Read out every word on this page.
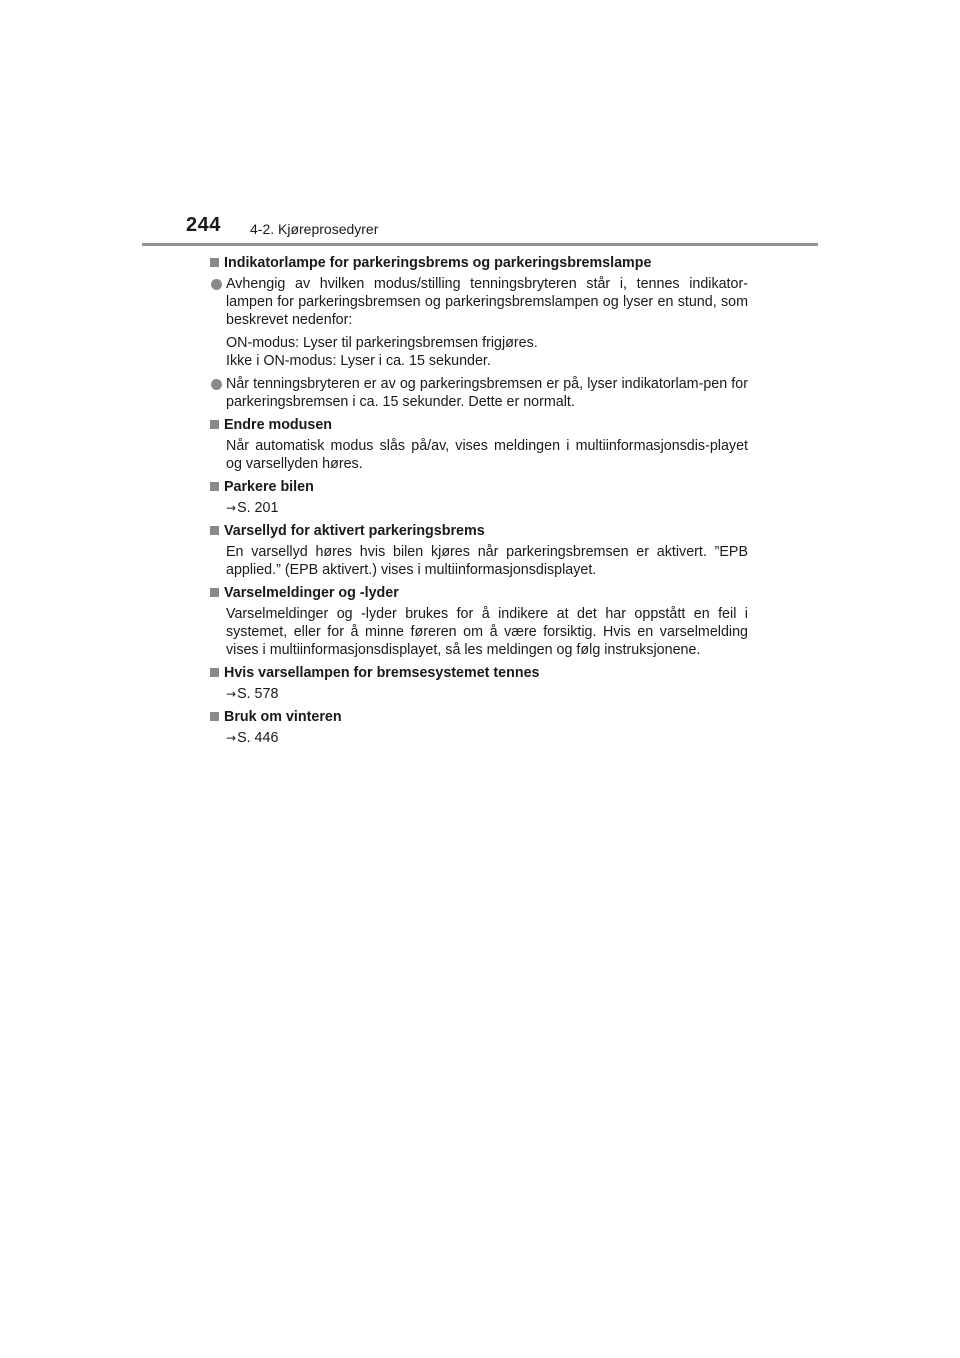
244 4-2. Kjøreprosedyrer
Indikatorlampe for parkeringsbrems og parkeringsbremslampe
Avhengig av hvilken modus/stilling tenningsbryteren står i, tennes indikator-lampen for parkeringsbremsen og parkeringsbremslampen og lyser en stund, som beskrevet nedenfor:
ON-modus: Lyser til parkeringsbremsen frigjøres.
Ikke i ON-modus: Lyser i ca. 15 sekunder.
Når tenningsbryteren er av og parkeringsbremsen er på, lyser indikatorlam-pen for parkeringsbremsen i ca. 15 sekunder. Dette er normalt.
Endre modusen
Når automatisk modus slås på/av, vises meldingen i multiinformasjonsdis-playet og varsellyden høres.
Parkere bilen
→S. 201
Varsellyd for aktivert parkeringsbrems
En varsellyd høres hvis bilen kjøres når parkeringsbremsen er aktivert. ”EPB applied.” (EPB aktivert.) vises i multiinformasjonsdisplayet.
Varselmeldinger og -lyder
Varselmeldinger og -lyder brukes for å indikere at det har oppstått en feil i systemet, eller for å minne føreren om å være forsiktig. Hvis en varselmelding vises i multiinformasjonsdisplayet, så les meldingen og følg instruksjonene.
Hvis varsellampen for bremsesystemet tennes
→S. 578
Bruk om vinteren
→S. 446
